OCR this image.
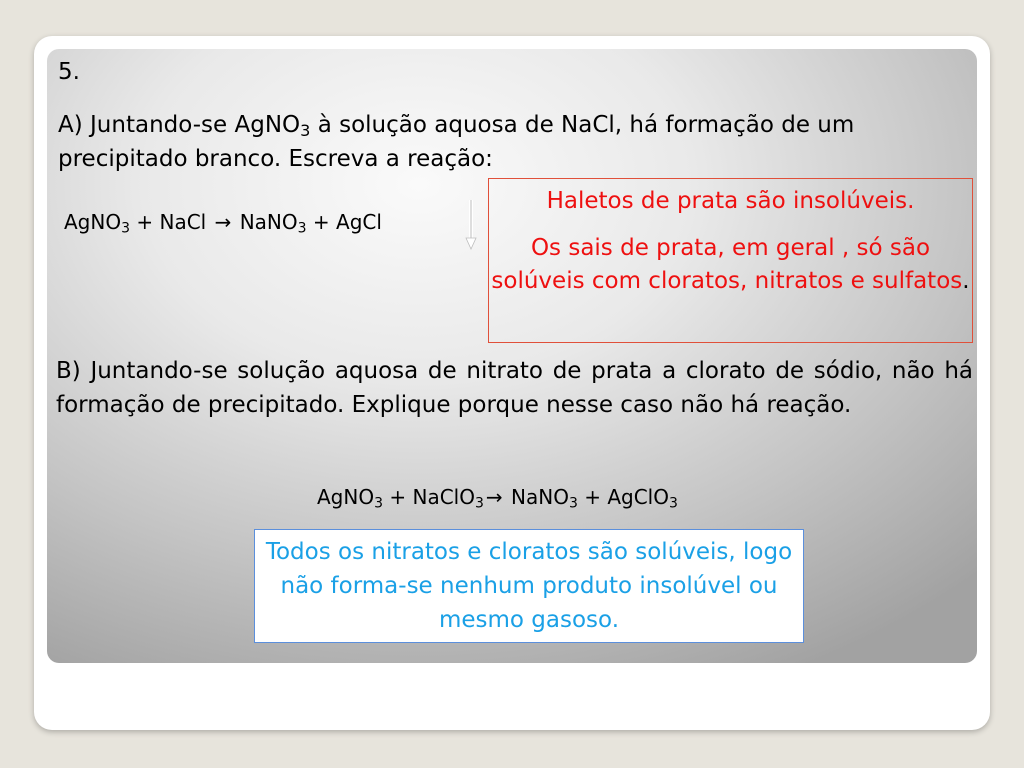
5.
A) Juntando-se AgNO$_3$ à solução aquosa de NaCl, há formação de um precipitado branco. Escreva a reação:
AgNO$_3$ + NaCl → NaNO$_3$ + AgCl
Haletos de prata são insolúveis.
Os sais de prata, em geral , só são solúveis com cloratos, nitratos e sulfatos.
B) Juntando-se solução aquosa de nitrato de prata a clorato de sódio, não há formação de precipitado. Explique porque nesse caso não há reação.
AgNO$_3$ + NaClO$_3$ → NaNO$_3$ + AgClO$_3$
Todos os nitratos e cloratos são solúveis, logo não forma-se nenhum produto insolúvel ou mesmo gasoso.
